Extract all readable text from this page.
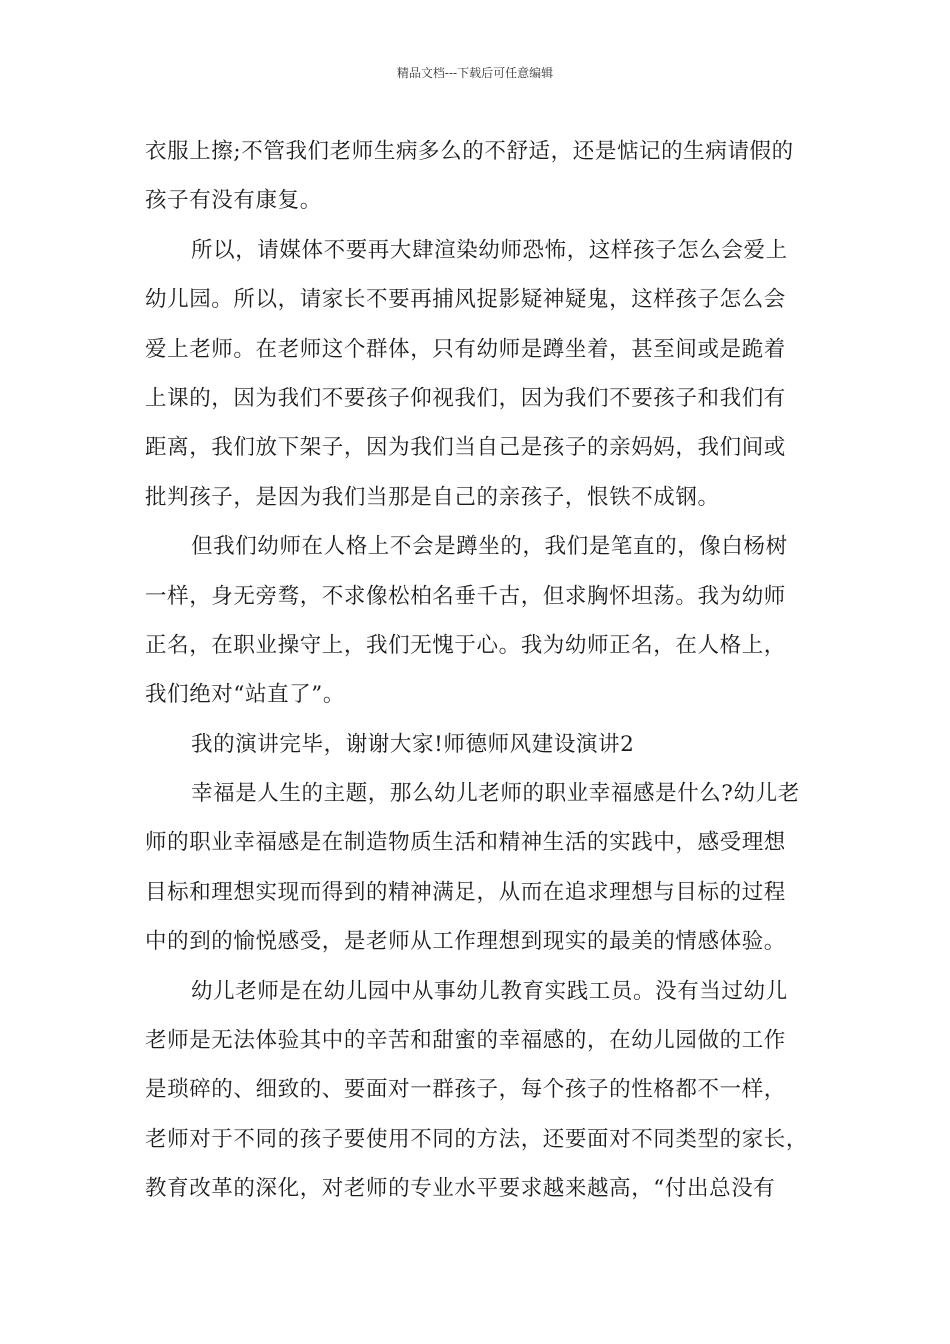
精品文档---下载后可任意编辑
衣服上擦;不管我们老师生病多么的不舒适，还是惦记的生病请假的
孩子有没有康复。
所以，请媒体不要再大肆渲染幼师恐怖，这样孩子怎么会爱上
幼儿园。所以，请家长不要再捕风捉影疑神疑鬼，这样孩子怎么会
爱上老师。在老师这个群体，只有幼师是蹲坐着，甚至间或是跪着
上课的，因为我们不要孩子仰视我们，因为我们不要孩子和我们有
距离，我们放下架子，因为我们当自己是孩子的亲妈妈，我们间或
批判孩子，是因为我们当那是自己的亲孩子，恨铁不成钢。
但我们幼师在人格上不会是蹲坐的，我们是笔直的，像白杨树
一样，身无旁骛，不求像松柏名垂千古，但求胸怀坦荡。我为幼师
正名，在职业操守上，我们无愧于心。我为幼师正名，在人格上，
我们绝对“站直了”。
我的演讲完毕，谢谢大家!师德师风建设演讲2
幸福是人生的主题，那么幼儿老师的职业幸福感是什么?幼儿老
师的职业幸福感是在制造物质生活和精神生活的实践中，感受理想
目标和理想实现而得到的精神满足，从而在追求理想与目标的过程
中的到的愉悦感受，是老师从工作理想到现实的最美的情感体验。
幼儿老师是在幼儿园中从事幼儿教育实践工员。没有当过幼儿
老师是无法体验其中的辛苦和甜蜜的幸福感的，在幼儿园做的工作
是琐碎的、细致的、要面对一群孩子，每个孩子的性格都不一样，
老师对于不同的孩子要使用不同的方法，还要面对不同类型的家长，
教育改革的深化，对老师的专业水平要求越来越高，“付出总没有
